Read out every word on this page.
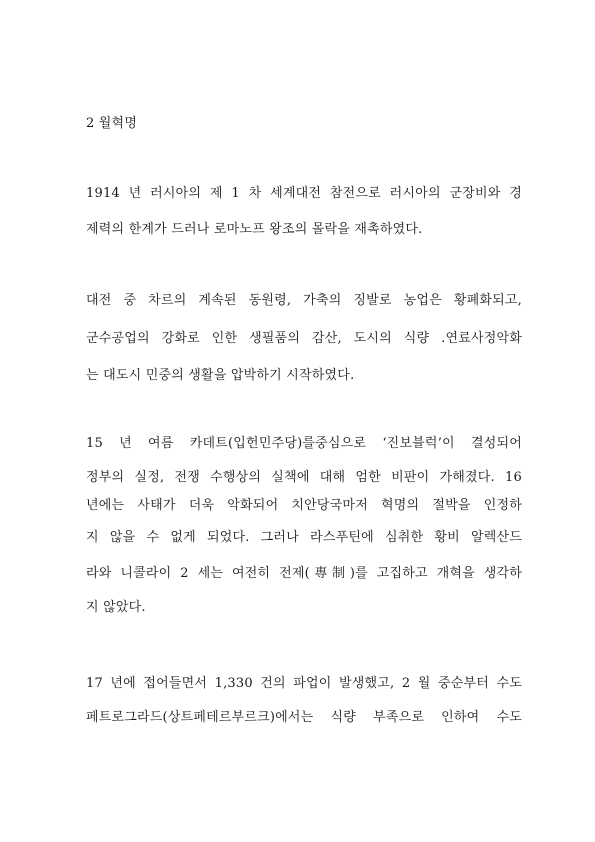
2 월혁명
1914 년 러시아의 제 1 차 세계대전 참전으로 러시아의 군장비와 경
제력의 한계가 드러나 로마노프 왕조의 몰락을 재촉하였다.
대전 중 차르의 계속된 동원령, 가축의 징발로 농업은 황폐화되고,
군수공업의 강화로 인한 생필품의 감산, 도시의 식량 .연료사정악화
는 대도시 민중의 생활을 압박하기 시작하였다.
15 년 여름 카데트(입헌민주당)를중심으로 ‘진보블럭’이 결성되어
정부의 실정, 전쟁 수행상의 실책에 대해 엄한 비판이 가해졌다. 16
년에는 사태가 더욱 악화되어 치안당국마저 혁명의 절박을 인정하
지 않을 수 없게 되었다. 그러나 라스푸틴에 심취한 황비 알렉산드
라와 니콜라이 2 세는 여전히 전제(專制)를 고집하고 개혁을 생각하
지 않았다.
17 년에 접어들면서 1,330 건의 파업이 발생했고, 2 월 중순부터 수도
페트로그라드(상트페테르부르크)에서는 식량 부족으로 인하여 수도
